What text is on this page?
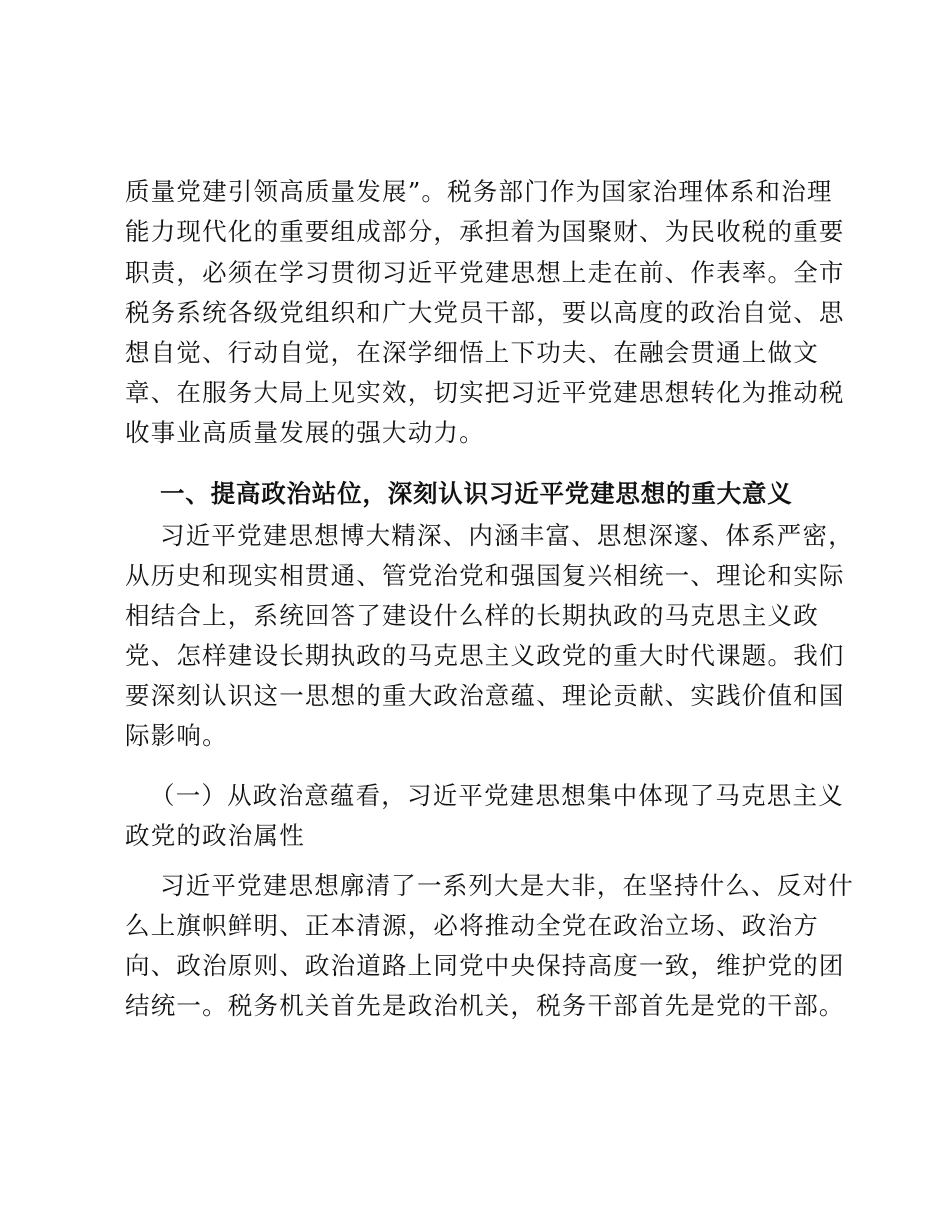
质量党建引领高质量发展”。税务部门作为国家治理体系和治理
能力现代化的重要组成部分，承担着为国聚财、为民收税的重要
职责，必须在学习贯彻习近平党建思想上走在前、作表率。全市
税务系统各级党组织和广大党员干部，要以高度的政治自觉、思
想自觉、行动自觉，在深学细悟上下功夫、在融会贯通上做文
章、在服务大局上见实效，切实把习近平党建思想转化为推动税
收事业高质量发展的强大动力。
一、提高政治站位，深刻认识习近平党建思想的重大意义
习近平党建思想博大精深、内涵丰富、思想深邃、体系严密，
从历史和现实相贯通、管党治党和强国复兴相统一、理论和实际
相结合上，系统回答了建设什么样的长期执政的马克思主义政
党、怎样建设长期执政的马克思主义政党的重大时代课题。我们
要深刻认识这一思想的重大政治意蕴、理论贡献、实践价值和国
际影响。
（一）从政治意蕴看，习近平党建思想集中体现了马克思主义
政党的政治属性
习近平党建思想廓清了一系列大是大非，在坚持什么、反对什
么上旗帜鲜明、正本清源，必将推动全党在政治立场、政治方
向、政治原则、政治道路上同党中央保持高度一致，维护党的团
结统一。税务机关首先是政治机关，税务干部首先是党的干部。
